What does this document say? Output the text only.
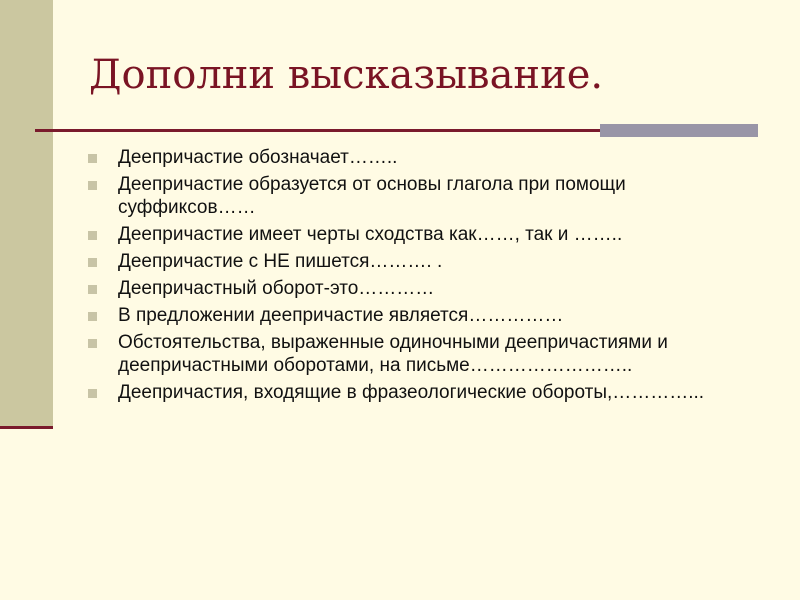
Дополни высказывание.
Деепричастие обозначает……..
Деепричастие образуется от основы глагола при помощи суффиксов……
Деепричастие имеет черты сходства как……, так и ……..
Деепричастие с НЕ пишется………. .
Деепричастный оборот-это…………
В предложении деепричастие является……………
Обстоятельства, выраженные одиночными деепричастиями и деепричастными оборотами, на письме……………………..
Деепричастия, входящие в фразеологические обороты,…………...
